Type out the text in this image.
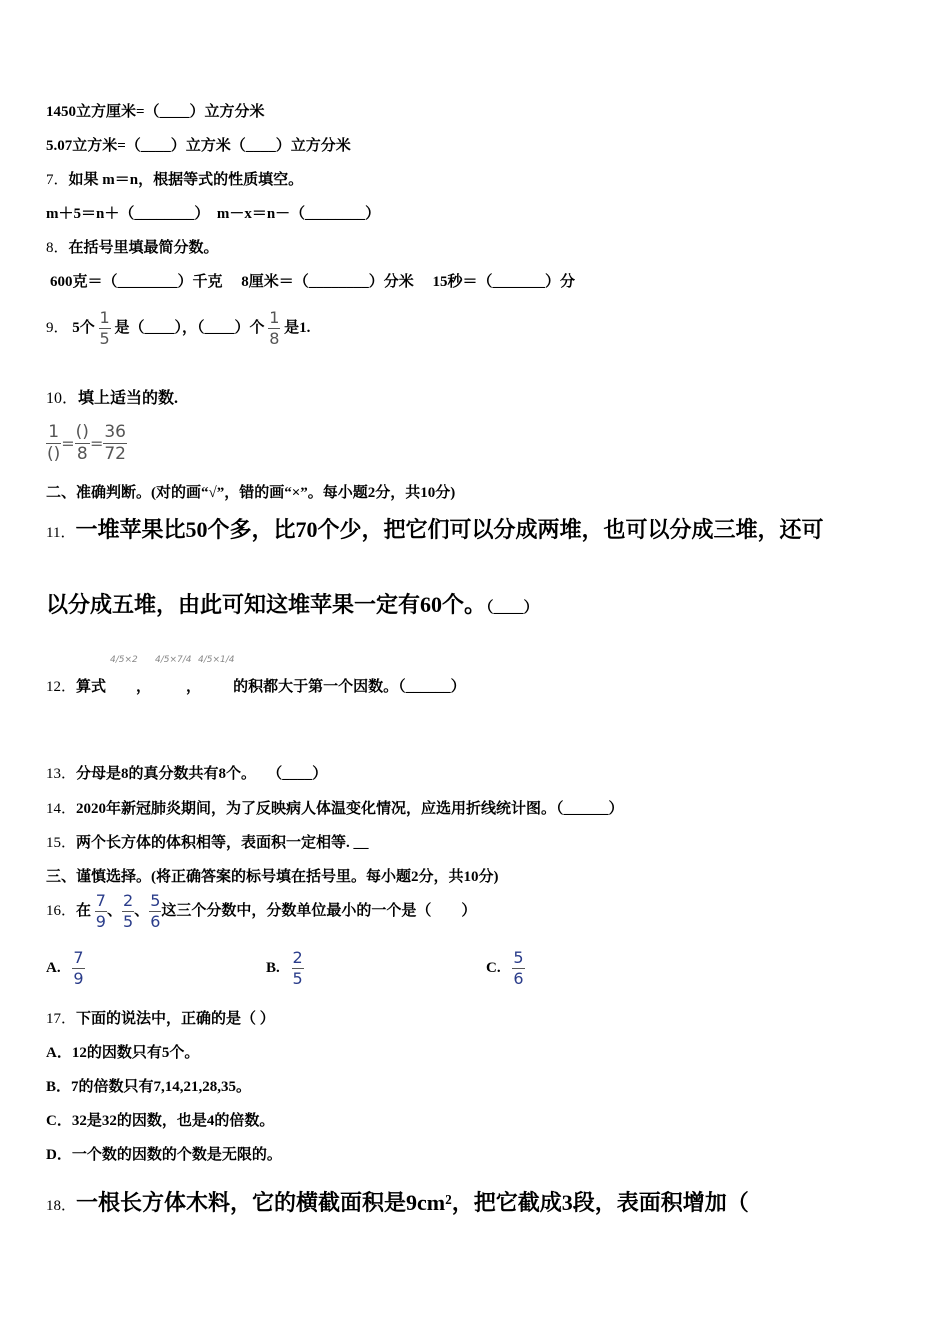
1450立方厘米=（____）立方分米
5.07立方米=（____）立方米（____）立方分米
7．如果 m＝n，根据等式的性质填空。
m＋5＝n＋（________）　m－x＝n－（________）
8．在括号里填最简分数。
600克＝（________）千克　 8厘米＝（________）分米　 15秒＝（_______）分
9． 5个 $\frac{1}{5}$ 是（____），（____）个 $\frac{1}{8}$ 是1.
10．填上适当的数.
$\frac{1}{()} = \frac{()}{8} = \frac{36}{72}$
二、准确判断。(对的画“√”，错的画“×”。每小题2分，共10分)
11．一堆苹果比50个多，比70个少，把它们可以分成两堆，也可以分成三堆，还可
以分成五堆，由此可知这堆苹果一定有60个。（____）
4/5×2 4/5×7/4 4/5×1/4
12．算式 ， ， 的积都大于第一个因数。（______）
13．分母是8的真分数共有8个。　 （____）
14．2020年新冠肺炎期间，为了反映病人体温变化情况，应选用折线统计图。（______）
15．两个长方体的体积相等，表面积一定相等. __
三、谨慎选择。(将正确答案的标号填在括号里。每小题2分，共10分)
16．在 $\frac{7}{9}$ 、 $\frac{2}{5}$ 、 $\frac{5}{6}$ 这三个分数中，分数单位最小的一个是（　　）
A. $\frac{7}{9}$	B. $\frac{2}{5}$	C. $\frac{5}{6}$
17．下面的说法中，正确的是（ ）
A．12的因数只有5个。
B．7的倍数只有7,14,21,28,35。
C．32是32的因数，也是4的倍数。
D．一个数的因数的个数是无限的。
18．一根长方体木料，它的横截面积是9cm²，把它截成3段，表面积增加（
